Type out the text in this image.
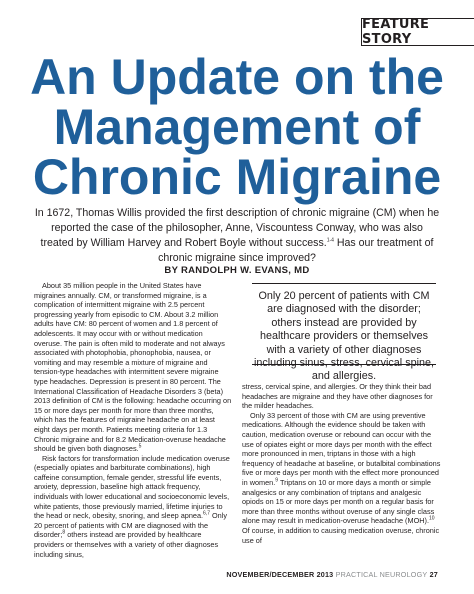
FEATURE STORY
An Update on the
Management of
Chronic Migraine

In 1672, Thomas Willis provided the first description of chronic migraine (CM) when he reported the case of the philosopher, Anne, Viscountess Conway, who was also treated by William Harvey and Robert Boyle without success.$^{1-4}$ Has our treatment of chronic migraine since improved?

BY RANDOLPH W. EVANS, MD

About 35 million people in the United States have migraines annually. CM, or transformed migraine, is a complication of intermittent migraine with 2.5 percent progressing yearly from episodic to CM. About 3.2 million adults have CM: 80 percent of women and 1.8 percent of adolescents. It may occur with or without medication overuse. The pain is often mild to moderate and not always associated with photophobia, phonophobia, nausea, or vomiting and may resemble a mixture of migraine and tension-type headaches with intermittent severe migraine type headaches. Depression is present in 80 percent. The International Classification of Headache Disorders 3 (beta) 2013 definition of CM is the following: headache occurring on 15 or more days per month for more than three months, which has the features of migraine headache on at least eight days per month. Patients meeting criteria for 1.3 Chronic migraine and for 8.2 Medication-overuse headache should be given both diagnoses.$^5$

Risk factors for transformation include medication overuse (especially opiates and barbiturate combinations), high caffeine consumption, female gender, stressful life events, anxiety, depression, baseline high attack frequency, individuals with lower educational and socioeconomic levels, white patients, those previously married, lifetime injuries to the head or neck, obesity, snoring, and sleep apnea.$^{6,7}$ Only 20 percent of patients with CM are diagnosed with the disorder;$^8$ others instead are provided by healthcare providers or themselves with a variety of other diagnoses including sinus,

Only 20 percent of patients with CM are diagnosed with the disorder; others instead are provided by healthcare providers or themselves with a variety of other diagnoses including sinus, stress, cervical spine, and allergies.

stress, cervical spine, and allergies. Or they think their bad headaches are migraine and they have other diagnoses for the milder headaches.

Only 33 percent of those with CM are using preventive medications. Although the evidence should be taken with caution, medication overuse or rebound can occur with the use of opiates eight or more days per month with the effect more pronounced in men, triptans in those with a high frequency of headache at baseline, or butalbital combinations five or more days per month with the effect more pronounced in women.$^9$ Triptans on 10 or more days a month or simple analgesics or any combination of triptans and analgesic opiods on 15 or more days per month on a regular basis for more than three months without overuse of any single class alone may result in medication-overuse headache (MOH).$^{10}$ Of course, in addition to causing medication overuse, chronic use of

NOVEMBER/DECEMBER 2013 PRACTICAL NEUROLOGY 27
